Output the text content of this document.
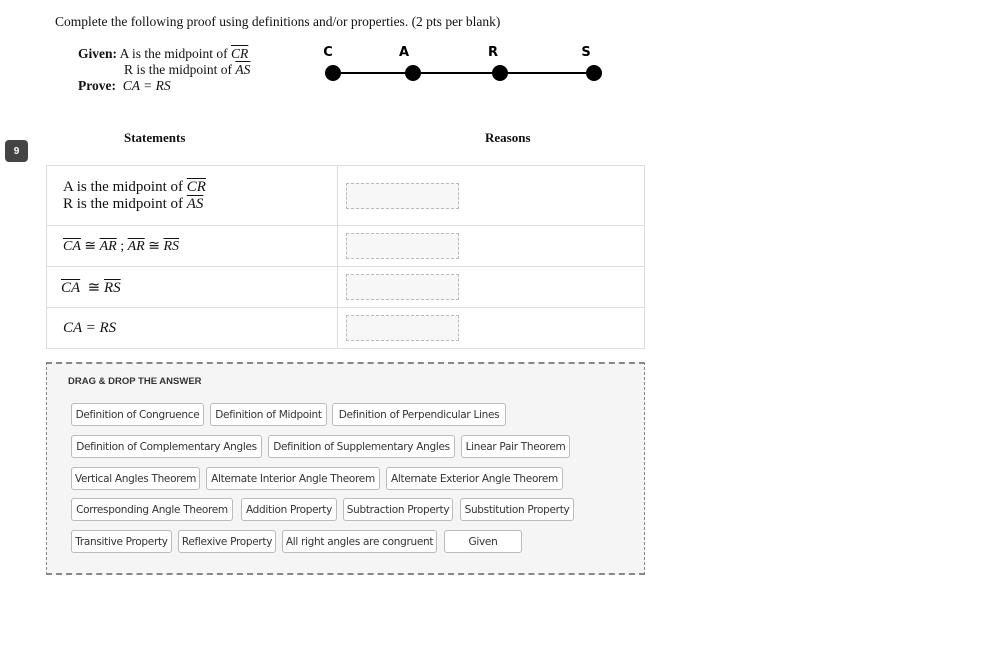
Complete the following proof using definitions and/or properties. (2 pts per blank)
Given: A is the midpoint of $\overline{CR}$
R is the midpoint of $\overline{AS}$
Prove: CA = RS
C	A	R	S
9
Statements	Reasons
A is the midpoint of $\overline{CR}$
R is the midpoint of $\overline{AS}$

$\overline{CA}$ ≅ $\overline{AR}$ ; $\overline{AR}$ ≅ $\overline{RS}$	

$\overline{CA}$  ≅ $\overline{RS}$	

CA = RS	
DRAG & DROP THE ANSWER
Definition of Congruence	Definition of Midpoint	Definition of Perpendicular Lines
Definition of Complementary Angles	Definition of Supplementary Angles	Linear Pair Theorem
Vertical Angles Theorem	Alternate Interior Angle Theorem	Alternate Exterior Angle Theorem
Corresponding Angle Theorem	Addition Property	Subtraction Property	Substitution Property
Transitive Property	Reflexive Property	All right angles are congruent	Given
